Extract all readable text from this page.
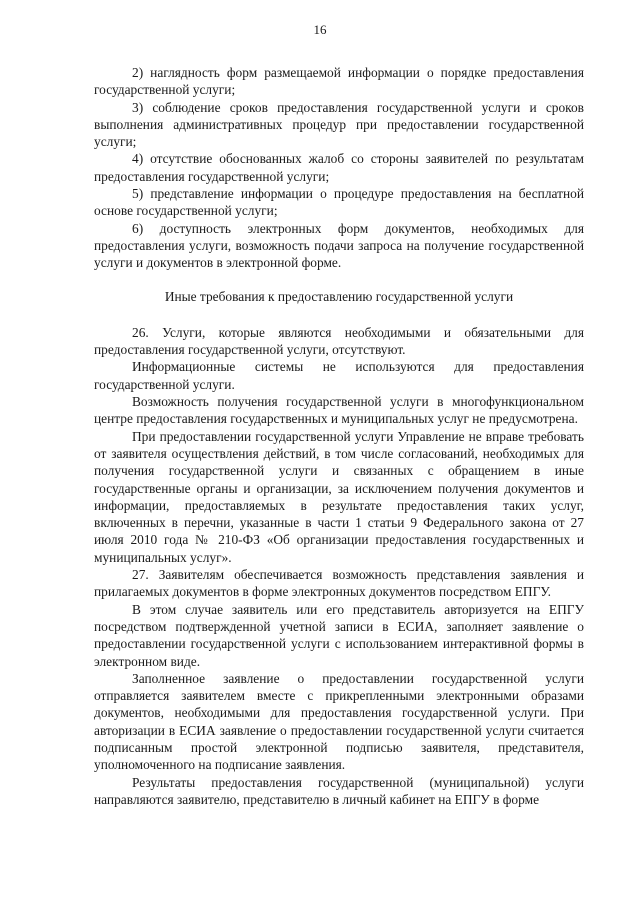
16

2) наглядность форм размещаемой информации о порядке предоставления государственной услуги;

3) соблюдение сроков предоставления государственной услуги и сроков выполнения административных процедур при предоставлении государственной услуги;

4) отсутствие обоснованных жалоб со стороны заявителей по результатам предоставления государственной услуги;

5) представление информации о процедуре предоставления на бесплатной основе государственной услуги;

6) доступность электронных форм документов, необходимых для предоставления услуги, возможность подачи запроса на получение государственной услуги и документов в электронной форме.

Иные требования к предоставлению государственной услуги

26. Услуги, которые являются необходимыми и обязательными для предоставления государственной услуги, отсутствуют.

Информационные системы не используются для предоставления государственной услуги.

Возможность получения государственной услуги в многофункциональном центре предоставления государственных и муниципальных услуг не предусмотрена.

При предоставлении государственной услуги Управление не вправе требовать от заявителя осуществления действий, в том числе согласований, необходимых для получения государственной услуги и связанных с обращением в иные государственные органы и организации, за исключением получения документов и информации, предоставляемых в результате предоставления таких услуг, включенных в перечни, указанные в части 1 статьи 9 Федерального закона от 27 июля 2010 года № 210-ФЗ «Об организации предоставления государственных и муниципальных услуг».

27. Заявителям обеспечивается возможность представления заявления и прилагаемых документов в форме электронных документов посредством ЕПГУ.

В этом случае заявитель или его представитель авторизуется на ЕПГУ посредством подтвержденной учетной записи в ЕСИА, заполняет заявление о предоставлении государственной услуги с использованием интерактивной формы в электронном виде.

Заполненное заявление о предоставлении государственной услуги отправляется заявителем вместе с прикрепленными электронными образами документов, необходимыми для предоставления государственной услуги. При авторизации в ЕСИА заявление о предоставлении государственной услуги считается подписанным простой электронной подписью заявителя, представителя, уполномоченного на подписание заявления.

Результаты предоставления государственной (муниципальной) услуги направляются заявителю, представителю в личный кабинет на ЕПГУ в форме
